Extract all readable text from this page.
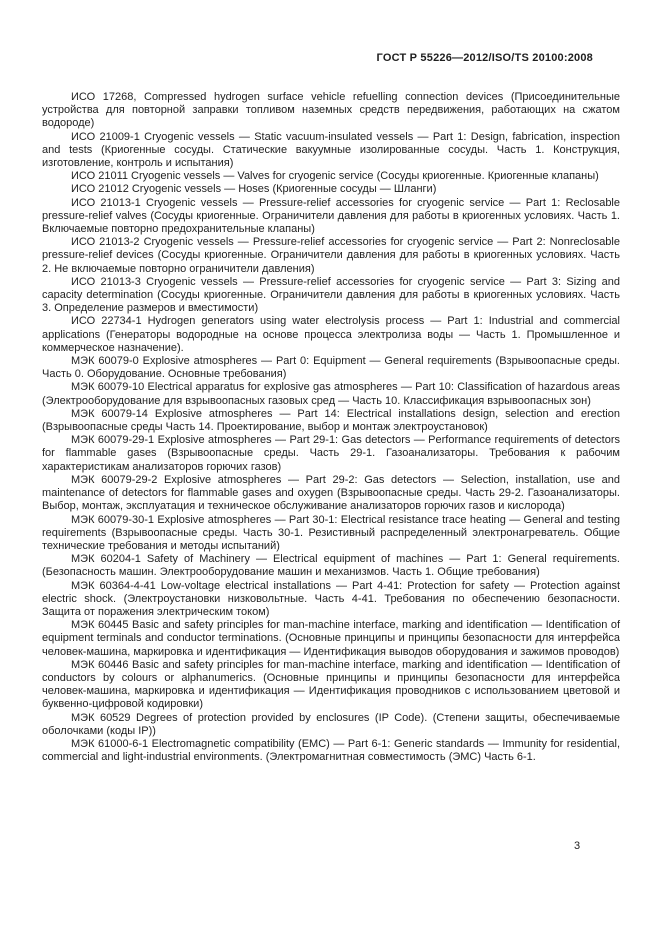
ГОСТ Р 55226—2012/ISO/TS 20100:2008

ИСО 17268, Compressed hydrogen surface vehicle refuelling connection devices (Присоединительные устройства для повторной заправки топливом наземных средств передвижения, работающих на сжатом водороде)

ИСО 21009-1 Cryogenic vessels — Static vacuum-insulated vessels — Part 1: Design, fabrication, inspection and tests (Криогенные сосуды. Статические вакуумные изолированные сосуды. Часть 1. Конструкция, изготовление, контроль и испытания)

ИСО 21011 Cryogenic vessels — Valves for cryogenic service (Сосуды криогенные. Криогенные клапаны)

ИСО 21012 Cryogenic vessels — Hoses (Криогенные сосуды — Шланги)

ИСО 21013-1 Cryogenic vessels — Pressure-relief accessories for cryogenic service — Part 1: Reclosable pressure-relief valves (Сосуды криогенные. Ограничители давления для работы в криогенных условиях. Часть 1. Включаемые повторно предохранительные клапаны)

ИСО 21013-2 Cryogenic vessels — Pressure-relief accessories for cryogenic service — Part 2: Nonreclosable pressure-relief devices (Сосуды криогенные. Ограничители давления для работы в криогенных условиях. Часть 2. Не включаемые повторно ограничители давления)

ИСО 21013-3 Cryogenic vessels — Pressure-relief accessories for cryogenic service — Part 3: Sizing and capacity determination (Сосуды криогенные. Ограничители давления для работы в криогенных условиях. Часть 3. Определение размеров и вместимости)

ИСО 22734-1 Hydrogen generators using water electrolysis process — Part 1: Industrial and commercial applications (Генераторы водородные на основе процесса электролиза воды — Часть 1. Промышленное и коммерческое назначение).

МЭК 60079-0 Explosive atmospheres — Part 0: Equipment — General requirements (Взрывоопасные среды. Часть 0. Оборудование. Основные требования)

МЭК 60079-10 Electrical apparatus for explosive gas atmospheres — Part 10: Classification of hazardous areas (Электрооборудование для взрывоопасных газовых сред — Часть 10. Классификация взрывоопасных зон)

МЭК 60079-14 Explosive atmospheres — Part 14: Electrical installations design, selection and erection (Взрывоопасные среды Часть 14. Проектирование, выбор и монтаж электроустановок)

МЭК 60079-29-1 Explosive atmospheres — Part 29-1: Gas detectors — Performance requirements of detectors for flammable gases (Взрывоопасные среды. Часть 29-1. Газоанализаторы. Требования к рабочим характеристикам анализаторов горючих газов)

МЭК 60079-29-2 Explosive atmospheres — Part 29-2: Gas detectors — Selection, installation, use and maintenance of detectors for flammable gases and oxygen (Взрывоопасные среды. Часть 29-2. Газоанализаторы. Выбор, монтаж, эксплуатация и техническое обслуживание анализаторов горючих газов и кислорода)

МЭК 60079-30-1 Explosive atmospheres — Part 30-1: Electrical resistance trace heating — General and testing requirements (Взрывоопасные среды. Часть 30-1. Резистивный распределенный электронагреватель. Общие технические требования и методы испытаний)

МЭК 60204-1 Safety of Machinery — Electrical equipment of machines — Part 1: General requirements. (Безопасность машин. Электрооборудование машин и механизмов. Часть 1. Общие требования)

МЭК 60364-4-41 Low-voltage electrical installations — Part 4-41: Protection for safety — Protection against electric shock. (Электроустановки низковольтные. Часть 4-41. Требования по обеспечению безопасности. Защита от поражения электрическим током)

МЭК 60445 Basic and safety principles for man-machine interface, marking and identification — Identification of equipment terminals and conductor terminations. (Основные принципы и принципы безопасности для интерфейса человек-машина, маркировка и идентификация — Идентификация выводов оборудования и зажимов проводов)

МЭК 60446 Basic and safety principles for man-machine interface, marking and identification — Identification of conductors by colours or alphanumerics. (Основные принципы и принципы безопасности для интерфейса человек-машина, маркировка и идентификация — Идентификация проводников с использованием цветовой и буквенно-цифровой кодировки)

МЭК 60529 Degrees of protection provided by enclosures (IP Code). (Степени защиты, обеспечиваемые оболочками (коды IP))

МЭК 61000-6-1 Electromagnetic compatibility (EMC) — Part 6-1: Generic standards — Immunity for residential, commercial and light-industrial environments. (Электромагнитная совместимость (ЭМС) Часть 6-1.

3
